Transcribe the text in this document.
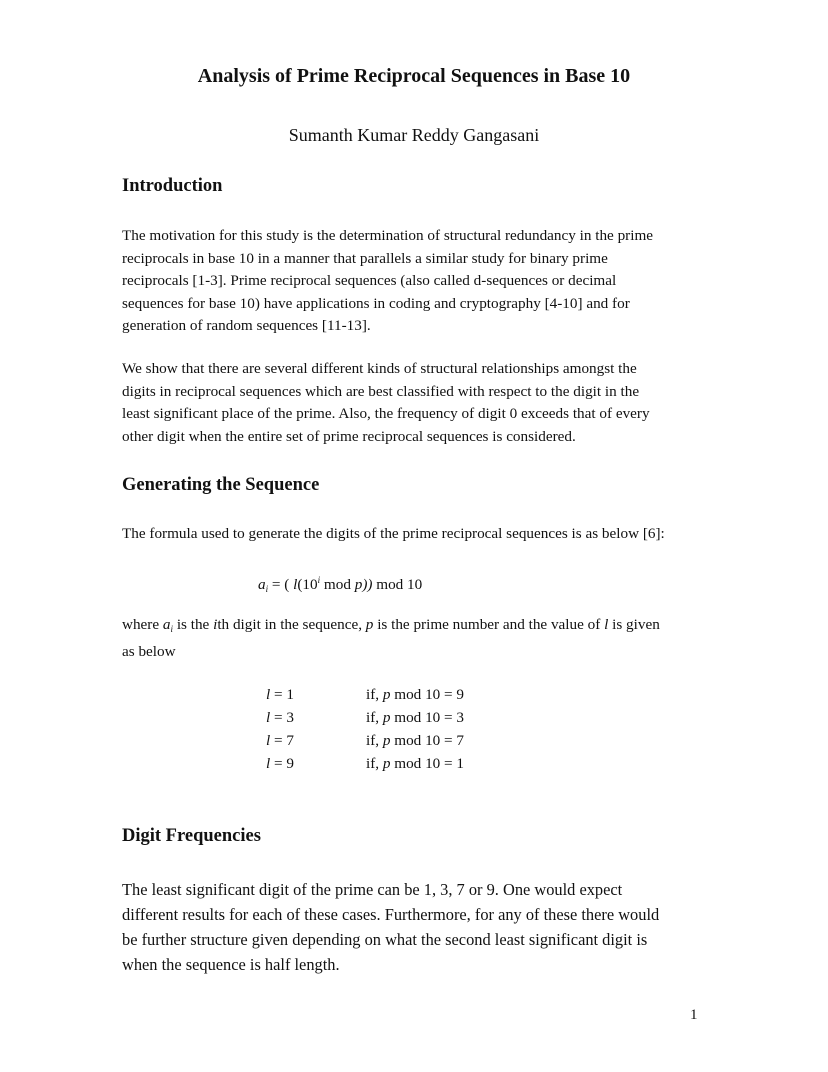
Analysis of Prime Reciprocal Sequences in Base 10
Sumanth Kumar Reddy Gangasani
Introduction
The motivation for this study is the determination of structural redundancy in the prime
reciprocals in base 10 in a manner that parallels a similar study for binary prime
reciprocals [1-3]. Prime reciprocal sequences (also called d-sequences or decimal
sequences for base 10) have applications in coding and cryptography [4-10] and for
generation of random sequences [11-13].
We show that there are several different kinds of structural relationships amongst the
digits in reciprocal sequences which are best classified with respect to the digit in the
least significant place of the prime. Also, the frequency of digit 0 exceeds that of every
other digit when the entire set of prime reciprocal sequences is considered.
Generating the Sequence
The formula used to generate the digits of the prime reciprocal sequences is as below [6]:
$a_i$ = ( l(10$^i$ mod p)) mod 10
where $a_i$ is the ith digit in the sequence, p is the prime number and the value of l is given
as below
l = 1	if, p mod 10 = 9
l = 3	if, p mod 10 = 3
l = 7	if, p mod 10 = 7
l = 9	if, p mod 10 = 1
Digit Frequencies
The least significant digit of the prime can be 1, 3, 7 or 9. One would expect
different results for each of these cases. Furthermore, for any of these there would
be further structure given depending on what the second least significant digit is
when the sequence is half length.
1
